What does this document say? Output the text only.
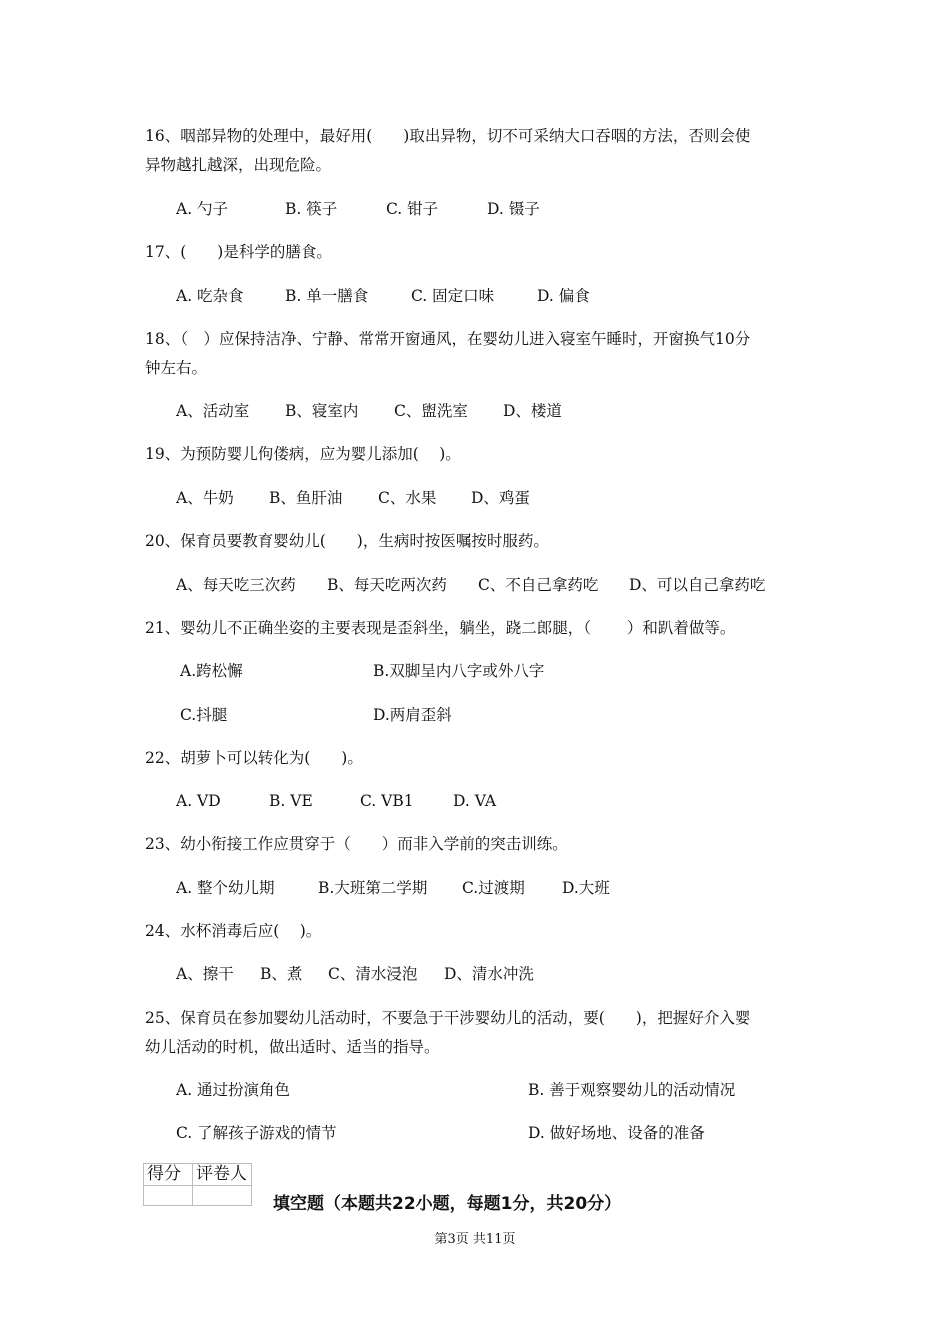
16、咽部异物的处理中，最好用(　　)取出异物，切不可采纳大口吞咽的方法，否则会使
异物越扎越深，出现危险。
A. 勺子	B. 筷子	C. 钳子	D. 镊子
17、(　　)是科学的膳食。
A. 吃杂食	B. 单一膳食	C. 固定口味	D. 偏食
18、（　）应保持洁净、宁静、常常开窗通风，在婴幼儿进入寝室午睡时，开窗换气10分
钟左右。
A、活动室 B、寝室内 C、盥洗室 D、楼道
19、为预防婴儿佝偻病，应为婴儿添加(　 )。
A、牛奶 B、鱼肝油 C、水果 D、鸡蛋
20、保育员要教育婴幼儿(　　)，生病时按医嘱按时服药。
A、每天吃三次药 B、每天吃两次药 C、不自己拿药吃 D、可以自己拿药吃
21、婴幼儿不正确坐姿的主要表现是歪斜坐，躺坐，跷二郎腿，（　　 ）和趴着做等。
A.跨松懈	B.双脚呈内八字或外八字
C.抖腿	D.两肩歪斜
22、胡萝卜可以转化为(　　)。
A. VD	B. VE	C. VB1	D. VA
23、幼小衔接工作应贯穿于（　　）而非入学前的突击训练。
A. 整个幼儿期	B.大班第二学期 C.过渡期 D.大班
24、水杯消毒后应(　 )。
A、擦干 B、煮 C、清水浸泡 D、清水冲洗
25、保育员在参加婴幼儿活动时，不要急于干涉婴幼儿的活动，要(　　)，把握好介入婴
幼儿活动的时机，做出适时、适当的指导。
A. 通过扮演角色	B. 善于观察婴幼儿的活动情况
C. 了解孩子游戏的情节	D. 做好场地、设备的准备
得分	评卷人

填空题（本题共22小题，每题1分，共20分）
第3页 共11页
